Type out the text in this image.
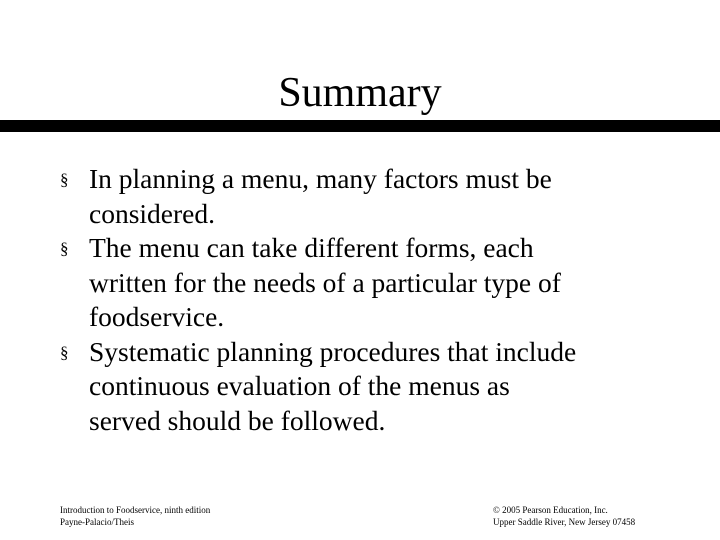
Summary
§ In planning a menu, many factors must be
considered.
§ The menu can take different forms, each
written for the needs of a particular type of
foodservice.
§ Systematic planning procedures that include
continuous evaluation of the menus as
served should be followed.
Introduction to Foodservice, ninth edition
Payne-Palacio/Theis
© 2005 Pearson Education, Inc.
Upper Saddle River, New Jersey 07458
